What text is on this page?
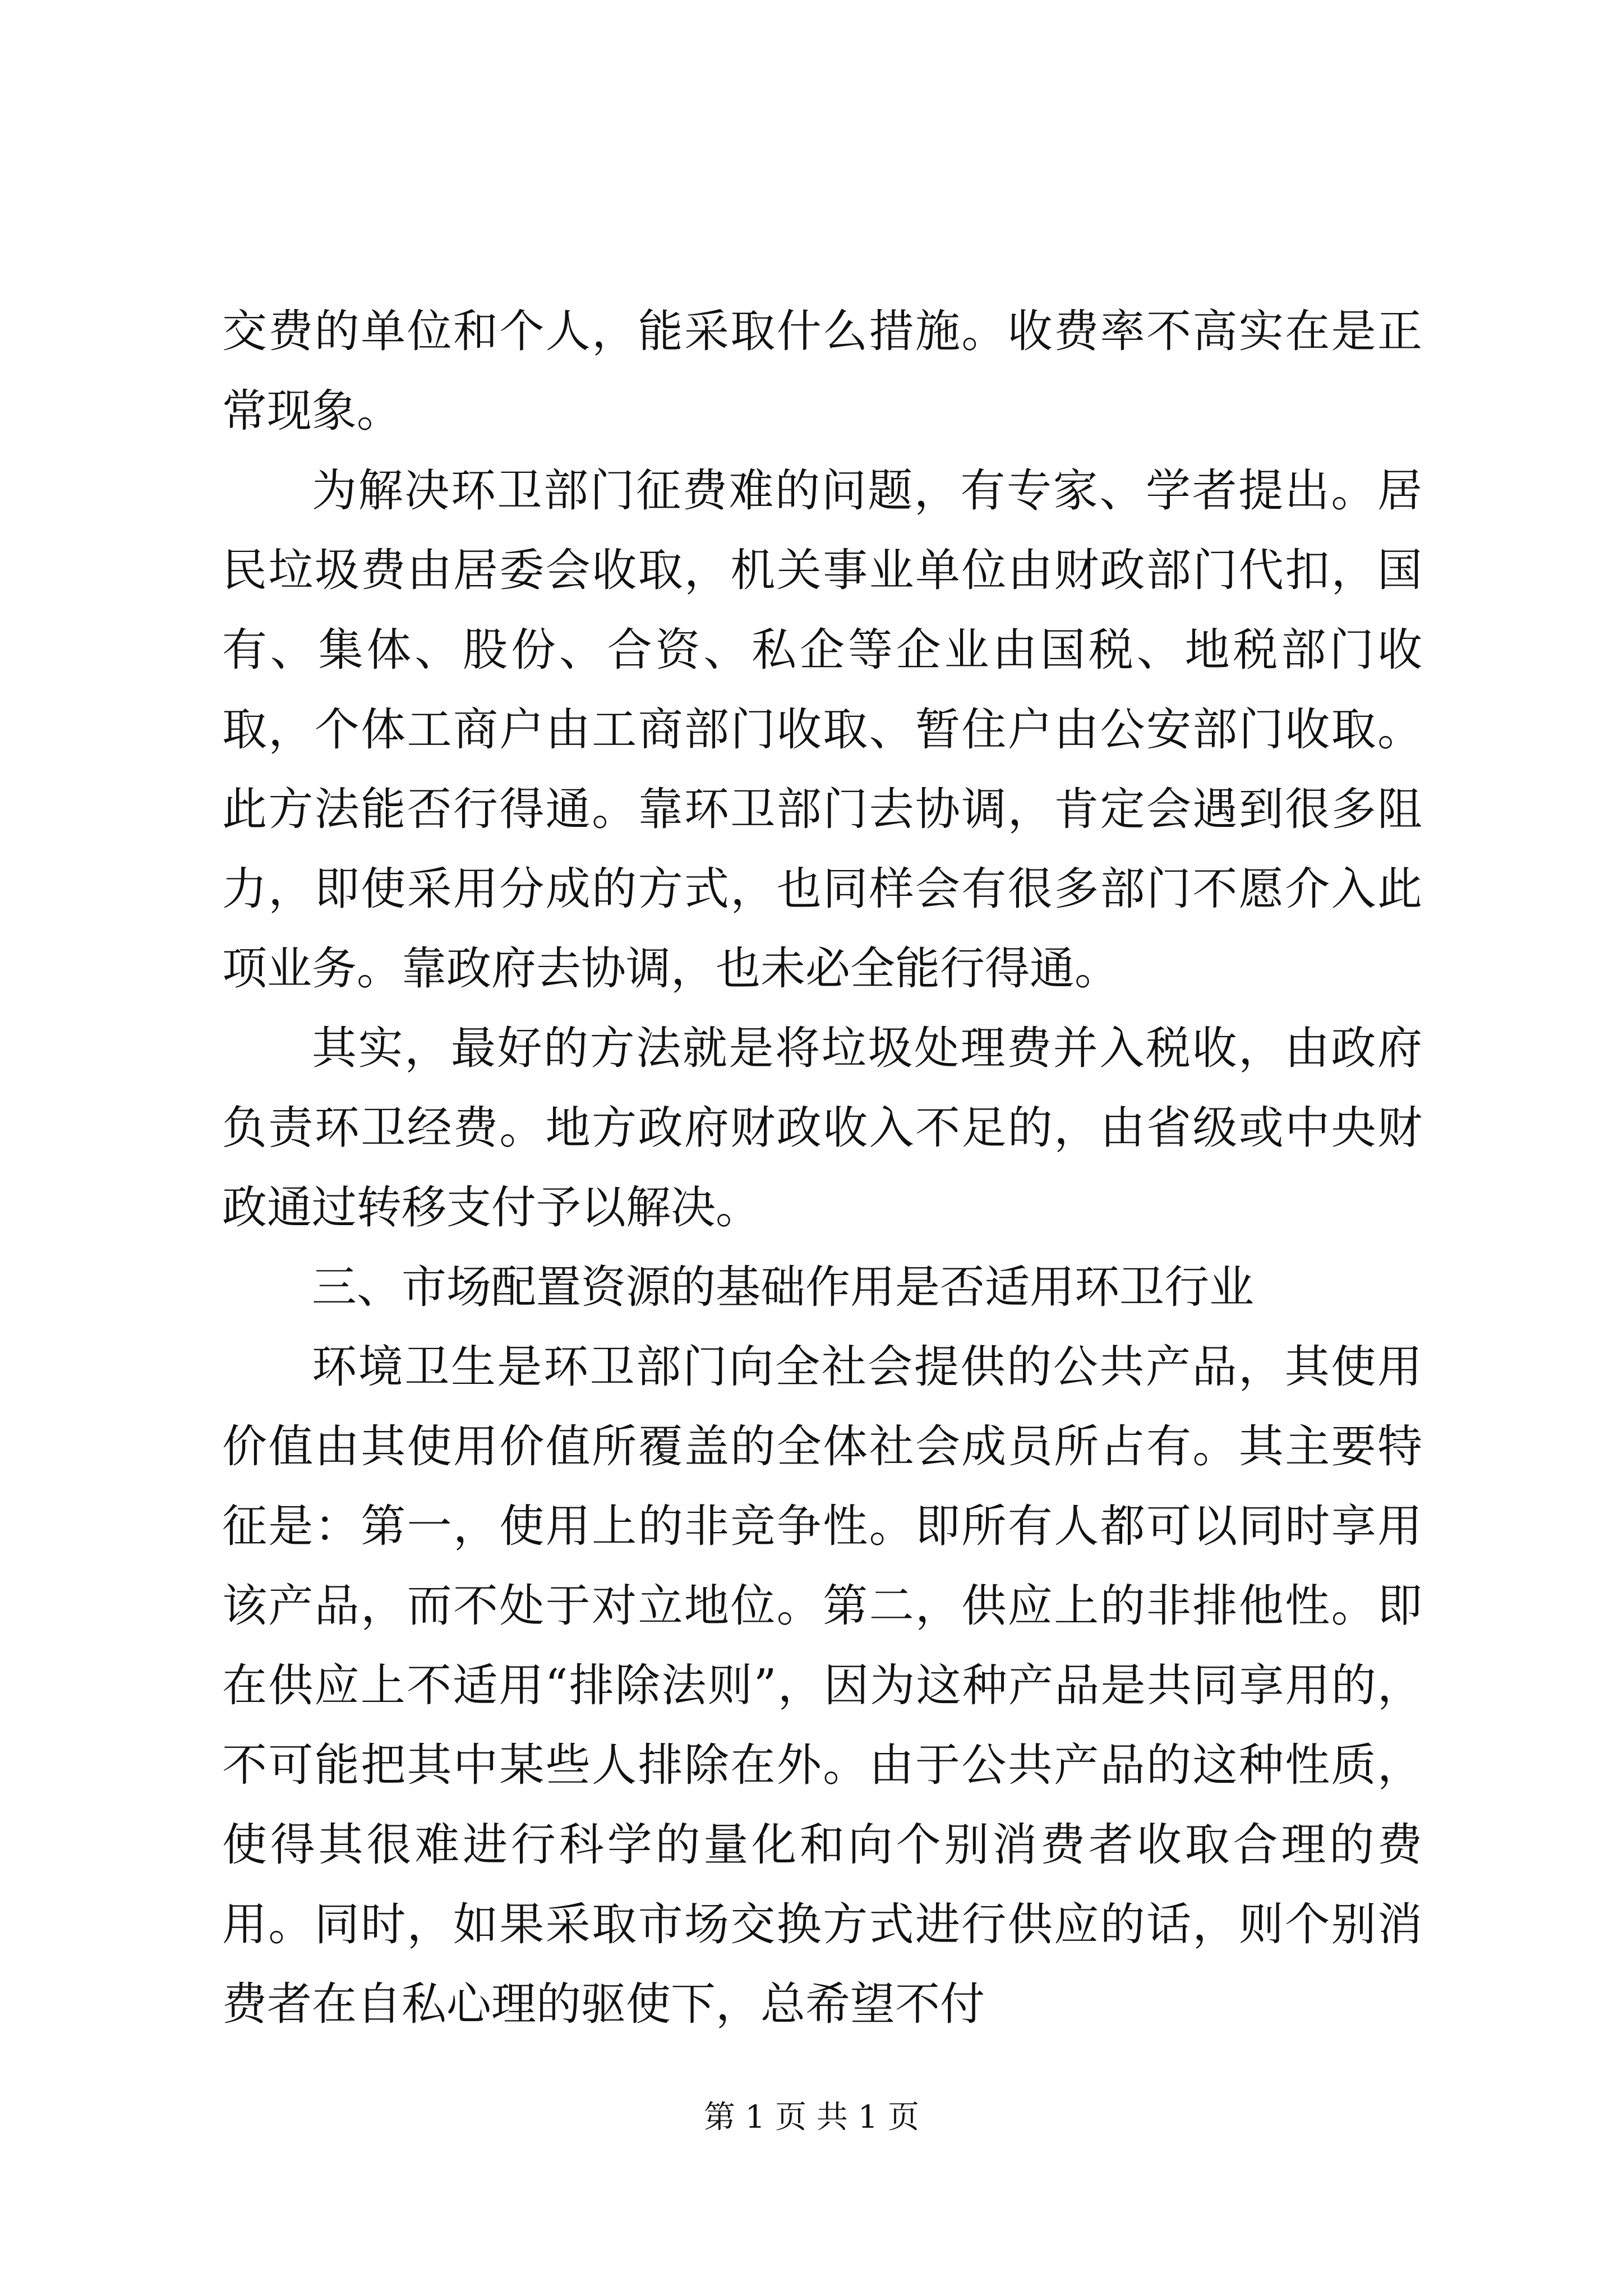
交费的单位和个人，能采取什么措施。收费率不高实在是正常现象。

为解决环卫部门征费难的问题，有专家、学者提出。居民垃圾费由居委会收取，机关事业单位由财政部门代扣，国有、集体、股份、合资、私企等企业由国税、地税部门收取，个体工商户由工商部门收取、暂住户由公安部门收取。此方法能否行得通。靠环卫部门去协调，肯定会遇到很多阻力，即使采用分成的方式，也同样会有很多部门不愿介入此项业务。靠政府去协调，也未必全能行得通。

其实，最好的方法就是将垃圾处理费并入税收，由政府负责环卫经费。地方政府财政收入不足的，由省级或中央财政通过转移支付予以解决。

三、市场配置资源的基础作用是否适用环卫行业

环境卫生是环卫部门向全社会提供的公共产品，其使用价值由其使用价值所覆盖的全体社会成员所占有。其主要特征是：第一，使用上的非竞争性。即所有人都可以同时享用该产品，而不处于对立地位。第二，供应上的非排他性。即在供应上不适用“排除法则”，因为这种产品是共同享用的，不可能把其中某些人排除在外。由于公共产品的这种性质，使得其很难进行科学的量化和向个别消费者收取合理的费用。同时，如果采取市场交换方式进行供应的话，则个别消费者在自私心理的驱使下，总希望不付

第 1 页 共 1 页
